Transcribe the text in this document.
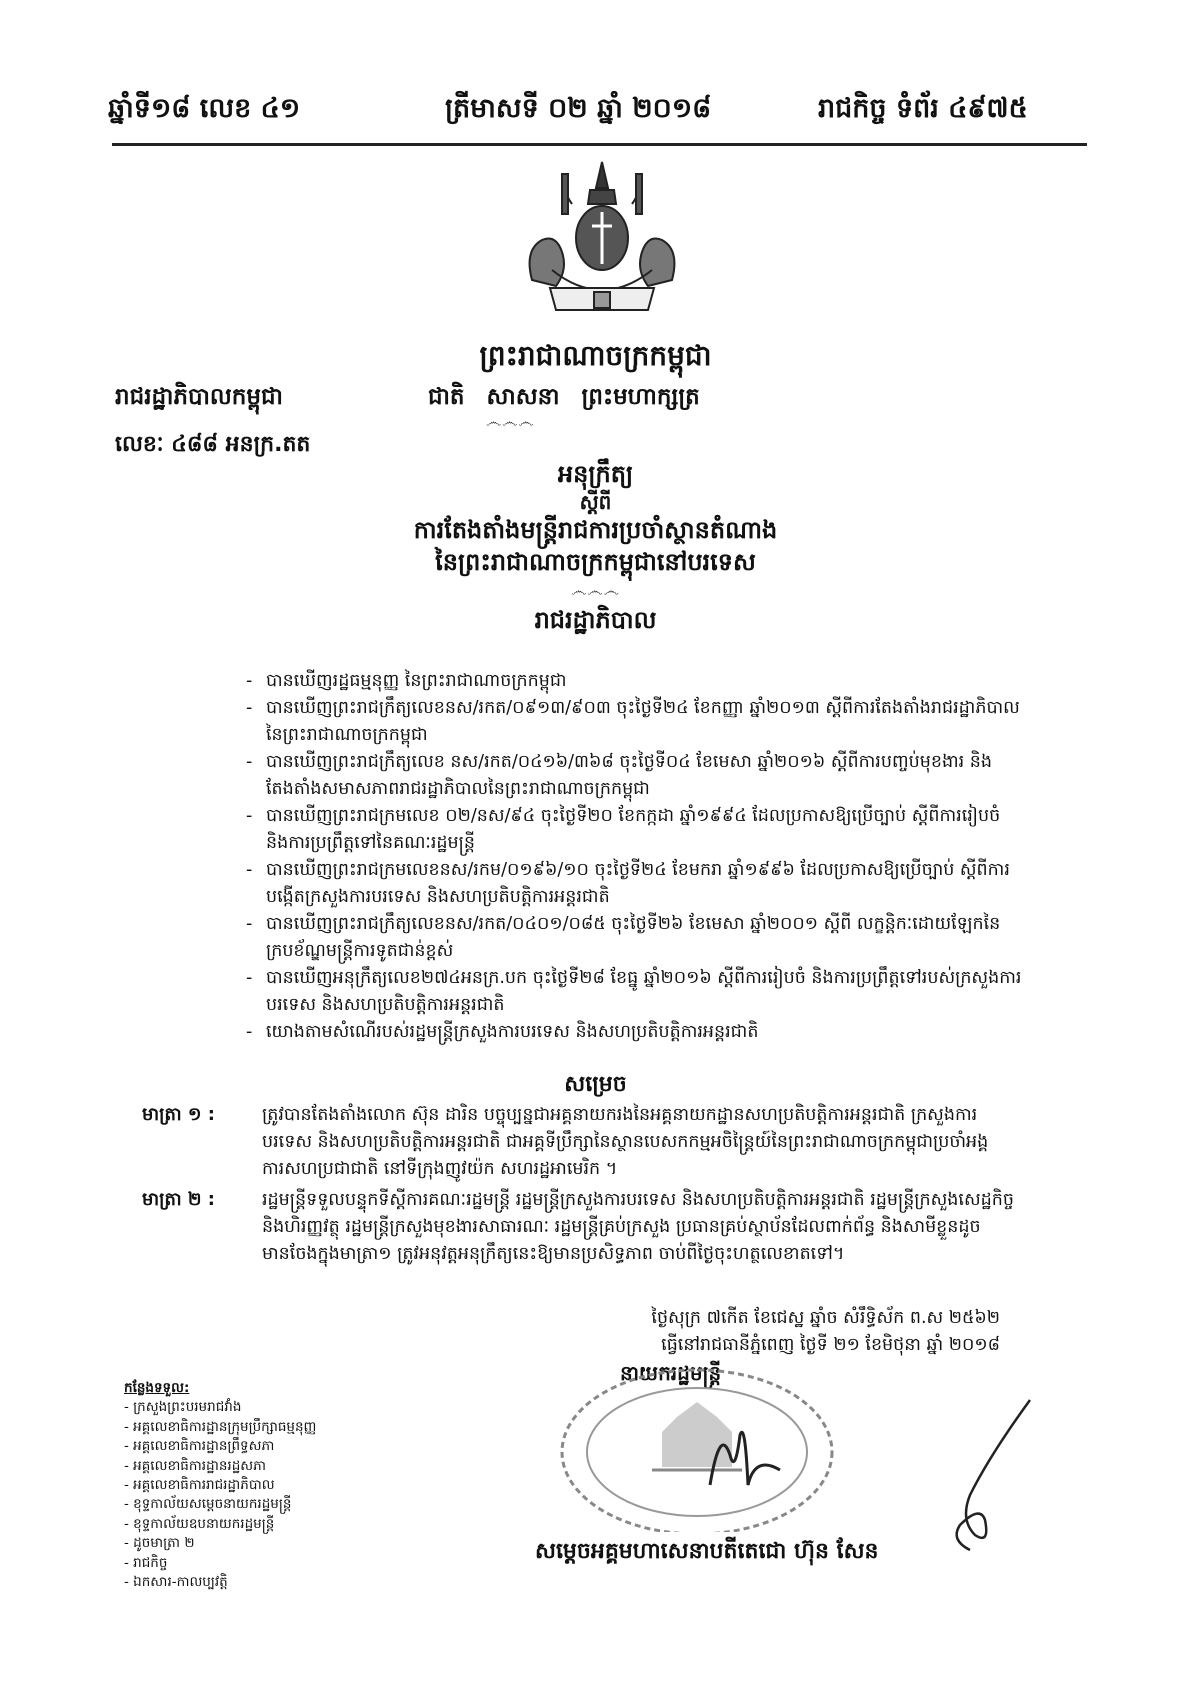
ឆ្នាំទី១៨ លេខ ៤១	ត្រីមាសទី ០២ ឆ្នាំ ២០១៨	រាជកិច្ច ទំព័រ ៤៩៧៥
ព្រះរាជាណាចក្រកម្ពុជា
រាជរដ្ឋាភិបាលកម្ពុជា	ជាតិ សាសនា ព្រះមហាក្សត្រ
෴෴෴
លេខៈ ៤៨៨ អនក្រ.តត
អនុក្រឹត្យ
ស្តីពី
ការតែងតាំងមន្ត្រីរាជការប្រចាំស្ថានតំណាង
នៃព្រះរាជាណាចក្រកម្ពុជានៅបរទេស
෴෴෴
រាជរដ្ឋាភិបាល
- បានឃើញរដ្ឋធម្មនុញ្ញ នៃព្រះរាជាណាចក្រកម្ពុជា
- បានឃើញព្រះរាជក្រឹត្យលេខនស/រកត/០៩១៣/៩០៣ ចុះថ្ងៃទី២៤ ខែកញ្ញា ឆ្នាំ២០១៣ ស្តីពីការតែងតាំងរាជរដ្ឋាភិបាលនៃព្រះរាជាណាចក្រកម្ពុជា
- បានឃើញព្រះរាជក្រឹត្យលេខ នស/រកត/០៤១៦/៣៦៨ ចុះថ្ងៃទី០៤ ខែមេសា ឆ្នាំ២០១៦ ស្តីពីការបញ្ចប់មុខងារ និងតែងតាំងសមាសភាពរាជរដ្ឋាភិបាលនៃព្រះរាជាណាចក្រកម្ពុជា
- បានឃើញព្រះរាជក្រមលេខ ០២/នស/៩៤ ចុះថ្ងៃទី២០ ខែកក្កដា ឆ្នាំ១៩៩៤ ដែលប្រកាសឱ្យប្រើច្បាប់ ស្តីពីការរៀបចំ និងការប្រព្រឹត្តទៅនៃគណៈរដ្ឋមន្ត្រី
- បានឃើញព្រះរាជក្រមលេខនស/រកម/០១៩៦/១០ ចុះថ្ងៃទី២៤ ខែមករា ឆ្នាំ១៩៩៦ ដែលប្រកាសឱ្យប្រើច្បាប់ ស្តីពីការបង្កើតក្រសួងការបរទេស និងសហប្រតិបត្តិការអន្តរជាតិ
- បានឃើញព្រះរាជក្រឹត្យលេខនស/រកត/០៤០១/០៨៥ ចុះថ្ងៃទី២៦ ខែមេសា ឆ្នាំ២០០១ ស្តីពី លក្ខន្តិកៈដោយឡែកនៃក្របខ័ណ្ឌមន្ត្រីការទូតជាន់ខ្ពស់
- បានឃើញអនុក្រឹត្យលេខ២៧៤អនក្រ.បក ចុះថ្ងៃទី២៨ ខែធ្នូ ឆ្នាំ២០១៦ ស្តីពីការរៀបចំ និងការប្រព្រឹត្តទៅរបស់ក្រសួងការបរទេស និងសហប្រតិបត្តិការអន្តរជាតិ
- យោងតាមសំណើរបស់រដ្ឋមន្ត្រីក្រសួងការបរទេស និងសហប្រតិបត្តិការអន្តរជាតិ
សម្រេច
មាត្រា ១ :	ត្រូវបានតែងតាំងលោក ស៊ុន ដារិន បច្ចុប្បន្នជាអគ្គនាយករងនៃអគ្គនាយកដ្ឋានសហប្រតិបត្តិការអន្តរជាតិ ក្រសួងការបរទេស និងសហប្រតិបត្តិការអន្តរជាតិ ជាអគ្គទីប្រឹក្សានៃស្ថានបេសកកម្មអចិន្ត្រៃយ៍នៃព្រះរាជាណាចក្រកម្ពុជាប្រចាំអង្គការសហប្រជាជាតិ នៅទីក្រុងញូវយ៉ក សហរដ្ឋអាមេរិក ។
មាត្រា ២ :	រដ្ឋមន្ត្រីទទួលបន្ទុកទីស្តីការគណៈរដ្ឋមន្ត្រី រដ្ឋមន្ត្រីក្រសួងការបរទេស និងសហប្រតិបត្តិការអន្តរជាតិ រដ្ឋមន្ត្រីក្រសួងសេដ្ឋកិច្ច និងហិរញ្ញវត្ថុ រដ្ឋមន្ត្រីក្រសួងមុខងារសាធារណៈ រដ្ឋមន្ត្រីគ្រប់ក្រសួង ប្រធានគ្រប់ស្ថាប័នដែលពាក់ព័ន្ធ និងសាមីខ្លួនដូចមានចែងក្នុងមាត្រា១ ត្រូវអនុវត្តអនុក្រឹត្យនេះឱ្យមានប្រសិទ្ធភាព ចាប់ពីថ្ងៃចុះហត្ថលេខាតទៅ។
ថ្ងៃសុក្រ ៧កើត ខែជេស្ឋ ឆ្នាំច សំរឹទ្ធិស័ក ព.ស ២៥៦២
ធ្វើនៅរាជធានីភ្នំពេញ ថ្ងៃទី ២១ ខែមិថុនា ឆ្នាំ ២០១៨
នាយករដ្ឋមន្ត្រី
សម្តេចអគ្គមហាសេនាបតីតេជោ ហ៊ុន សែន
កន្លែងទទួល:
- ក្រសួងព្រះបរមរាជវាំង
- អគ្គលេខាធិការដ្ឋានក្រុមប្រឹក្សាធម្មនុញ្ញ
- អគ្គលេខាធិការដ្ឋានព្រឹទ្ធសភា
- អគ្គលេខាធិការដ្ឋានរដ្ឋសភា
- អគ្គលេខាធិការរាជរដ្ឋាភិបាល
- ខុទ្ទកាល័យសម្តេចនាយករដ្ឋមន្ត្រី
- ខុទ្ទកាល័យឧបនាយករដ្ឋមន្ត្រី
- ដូចមាត្រា ២
- រាជកិច្ច
- ឯកសារ-កាលប្បវត្តិ
